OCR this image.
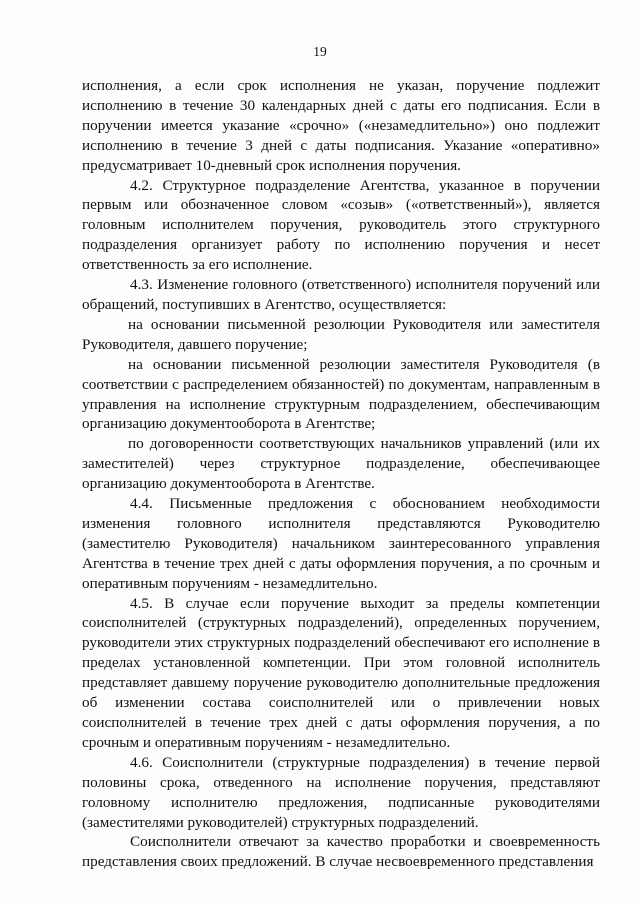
19

исполнения, а если срок исполнения не указан, поручение подлежит исполнению в течение 30 календарных дней с даты его подписания. Если в поручении имеется указание «срочно» («незамедлительно») оно подлежит исполнению в течение 3 дней с даты подписания. Указание «оперативно» предусматривает 10-дневный срок исполнения поручения.

4.2. Структурное подразделение Агентства, указанное в поручении первым или обозначенное словом «созыв» («ответственный»), является головным исполнителем поручения, руководитель этого структурного подразделения организует работу по исполнению поручения и несет ответственность за его исполнение.

4.3. Изменение головного (ответственного) исполнителя поручений или обращений, поступивших в Агентство, осуществляется:

на основании письменной резолюции Руководителя или заместителя Руководителя, давшего поручение;

на основании письменной резолюции заместителя Руководителя (в соответствии с распределением обязанностей) по документам, направленным в управления на исполнение структурным подразделением, обеспечивающим организацию документооборота в Агентстве;

по договоренности соответствующих начальников управлений (или их заместителей) через структурное подразделение, обеспечивающее организацию документооборота в Агентстве.

4.4. Письменные предложения с обоснованием необходимости изменения головного исполнителя представляются Руководителю (заместителю Руководителя) начальником заинтересованного управления Агентства в течение трех дней с даты оформления поручения, а по срочным и оперативным поручениям - незамедлительно.

4.5. В случае если поручение выходит за пределы компетенции соисполнителей (структурных подразделений), определенных поручением, руководители этих структурных подразделений обеспечивают его исполнение в пределах установленной компетенции. При этом головной исполнитель представляет давшему поручение руководителю дополнительные предложения об изменении состава соисполнителей или о привлечении новых соисполнителей в течение трех дней с даты оформления поручения, а по срочным и оперативным поручениям - незамедлительно.

4.6. Соисполнители (структурные подразделения) в течение первой половины срока, отведенного на исполнение поручения, представляют головному исполнителю предложения, подписанные руководителями (заместителями руководителей) структурных подразделений.

Соисполнители отвечают за качество проработки и своевременность представления своих предложений. В случае несвоевременного представления
